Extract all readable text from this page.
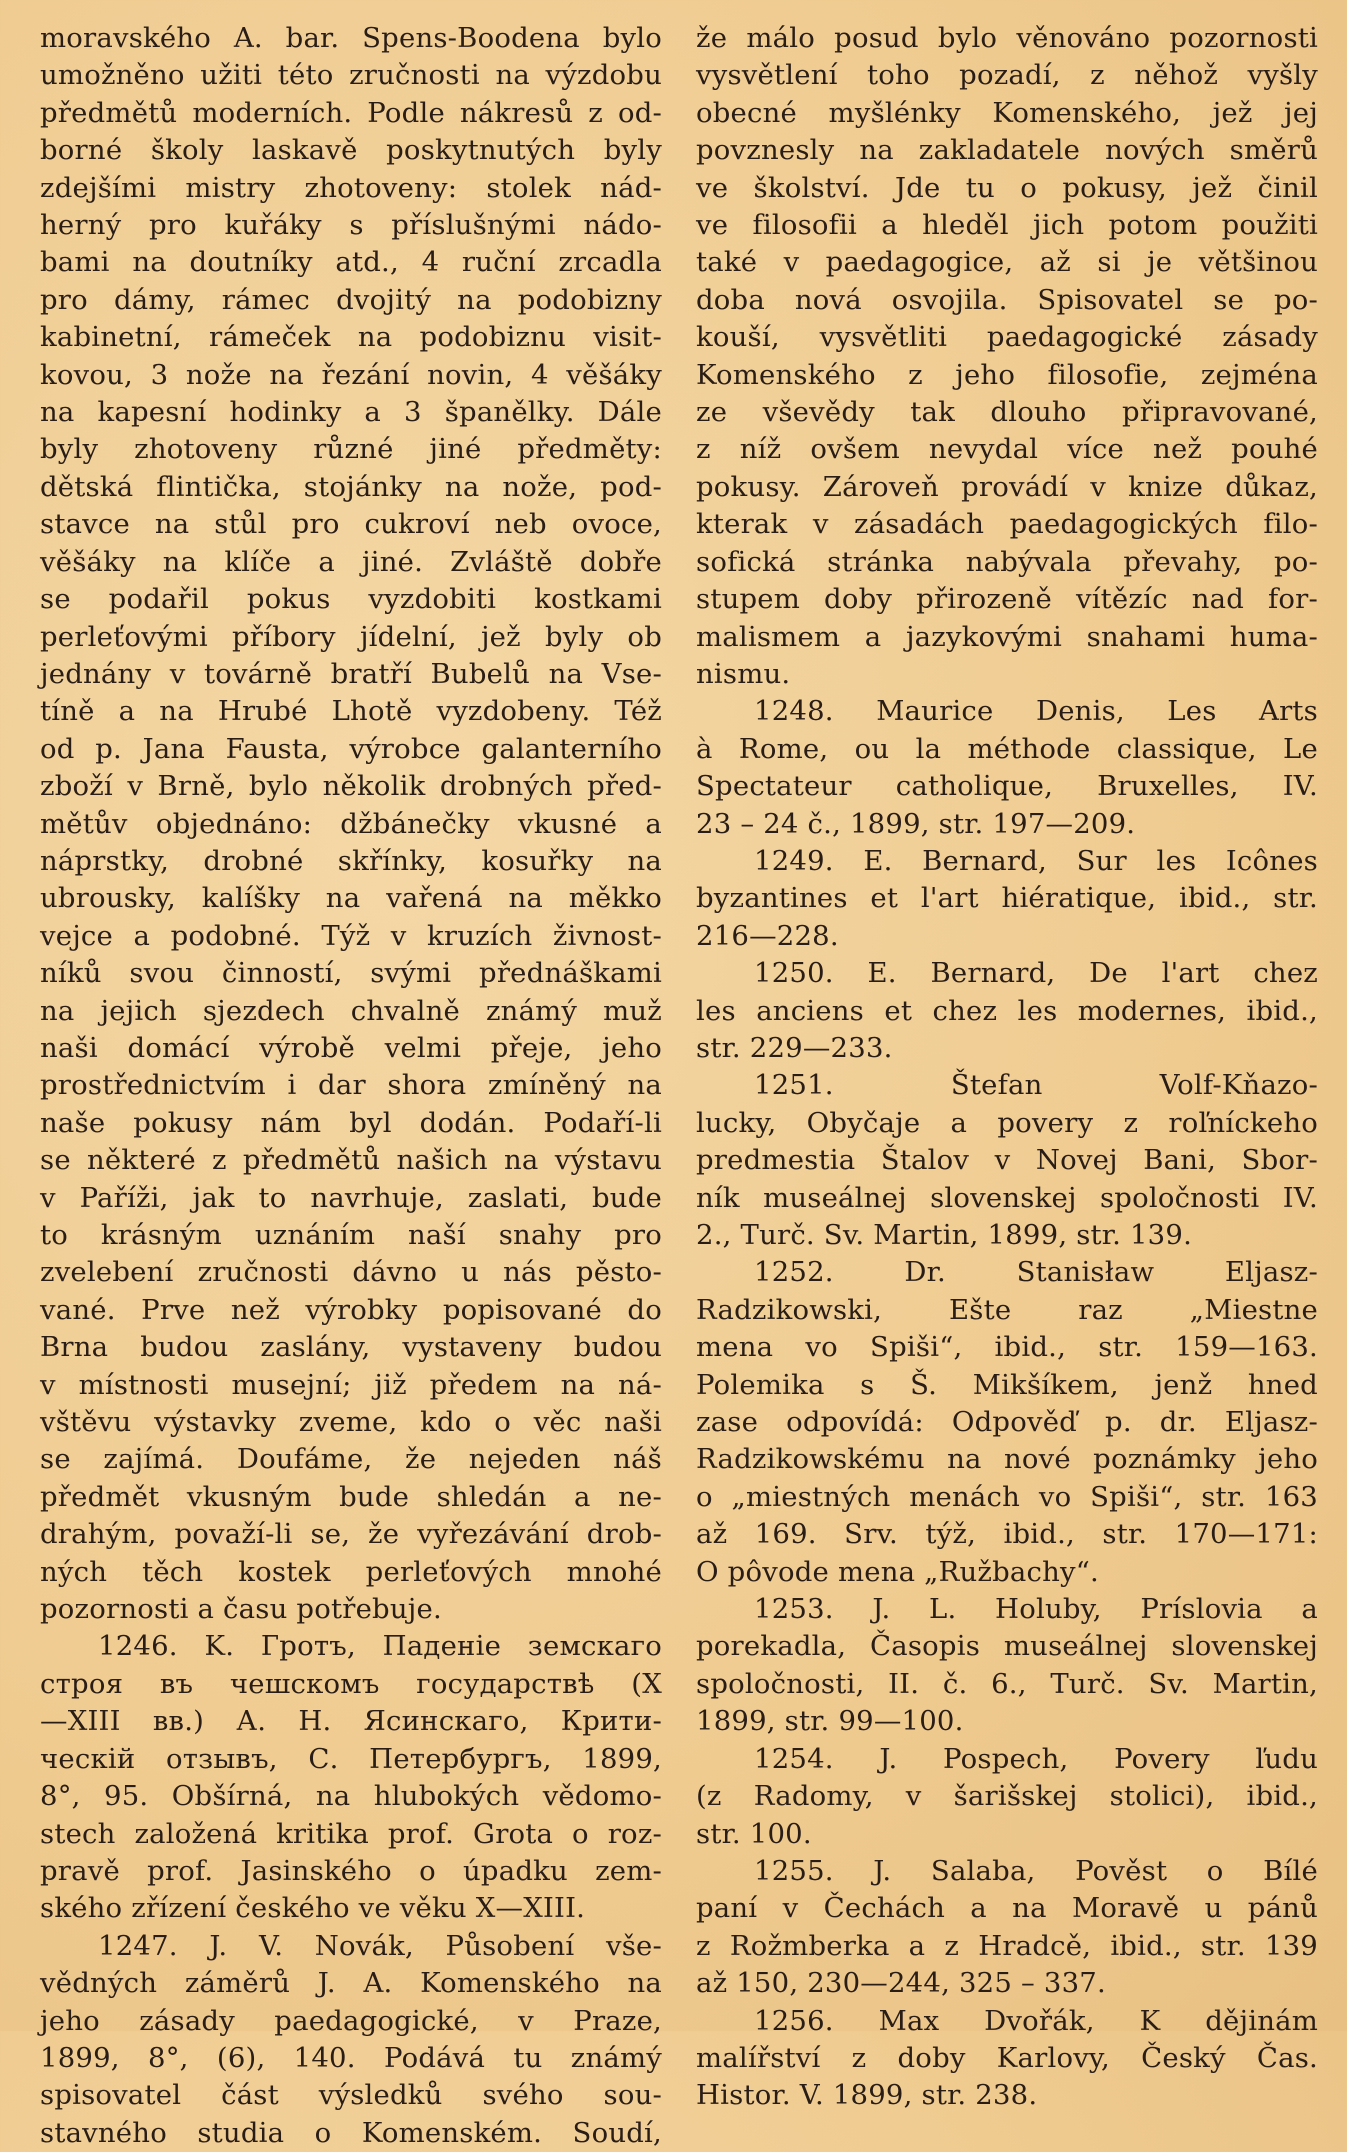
moravského A. bar. Spens-Boodena bylo
umožněno užiti této zručnosti na výzdobu
předmětů moderních. Podle nákresů z od-
borné školy laskavě poskytnutých byly
zdejšími mistry zhotoveny: stolek nád-
herný pro kuřáky s příslušnými nádo-
bami na doutníky atd., 4 ruční zrcadla
pro dámy, rámec dvojitý na podobizny
kabinetní, rámeček na podobiznu visit-
kovou, 3 nože na řezání novin, 4 věšáky
na kapesní hodinky a 3 španělky. Dále
byly zhotoveny různé jiné předměty:
dětská flintička, stojánky na nože, pod-
stavce na stůl pro cukroví neb ovoce,
věšáky na klíče a jiné. Zvláště dobře
se podařil pokus vyzdobiti kostkami
perleťovými příbory jídelní, jež byly ob
jednány v továrně bratří Bubelů na Vse-
tíně a na Hrubé Lhotě vyzdobeny. Též
od p. Jana Fausta, výrobce galanterního
zboží v Brně, bylo několik drobných před-
mětův objednáno: džbánečky vkusné a
náprstky, drobné skřínky, kosuřky na
ubrousky, kalíšky na vařená na měkko
vejce a podobné. Týž v kruzích živnost-
níků svou činností, svými přednáškami
na jejich sjezdech chvalně známý muž
naši domácí výrobě velmi přeje, jeho
prostřednictvím i dar shora zmíněný na
naše pokusy nám byl dodán. Podaří-li
se některé z předmětů našich na výstavu
v Paříži, jak to navrhuje, zaslati, bude
to krásným uznáním naší snahy pro
zvelebení zručnosti dávno u nás pěsto-
vané. Prve než výrobky popisované do
Brna budou zaslány, vystaveny budou
v místnosti musejní; již předem na ná-
vštěvu výstavky zveme, kdo o věc naši
se zajímá. Doufáme, že nejeden náš
předmět vkusným bude shledán a ne-
drahým, považí-li se, že vyřezávání drob-
ných těch kostek perleťových mnohé
pozornosti a času potřebuje.
1246. K. Гротъ, Паденіе земскаго
строя въ чешскомъ государствѣ (X
—XIII вв.) А. Н. Ясинскаго, Крити-
ческій отзывъ, С. Петербургъ, 1899,
8°, 95. Obšírná, na hlubokých vědomo-
stech založená kritika prof. Grota o roz-
pravě prof. Jasinského o úpadku zem-
ského zřízení českého ve věku X—XIII.
1247. J. V. Novák, Působení vše-
vědných záměrů J. A. Komenského na
jeho zásady paedagogické, v Praze,
1899, 8°, (6), 140. Podává tu známý
spisovatel část výsledků svého sou-
stavného studia o Komenském. Soudí,
že málo posud bylo věnováno pozornosti
vysvětlení toho pozadí, z něhož vyšly
obecné myšlénky Komenského, jež jej
povznesly na zakladatele nových směrů
ve školství. Jde tu o pokusy, jež činil
ve filosofii a hleděl jich potom použiti
také v paedagogice, až si je většinou
doba nová osvojila. Spisovatel se po-
kouší, vysvětliti paedagogické zásady
Komenského z jeho filosofie, zejména
ze vševědy tak dlouho připravované,
z níž ovšem nevydal více než pouhé
pokusy. Zároveň provádí v knize důkaz,
kterak v zásadách paedagogických filo-
sofická stránka nabývala převahy, po-
stupem doby přirozeně vítězíc nad for-
malismem a jazykovými snahami huma-
nismu.
1248. Maurice Denis, Les Arts
à Rome, ou la méthode classique, Le
Spectateur catholique, Bruxelles, IV.
23 – 24 č., 1899, str. 197—209.
1249. E. Bernard, Sur les Icônes
byzantines et l'art hiératique, ibid., str.
216—228.
1250. E. Bernard, De l'art chez
les anciens et chez les modernes, ibid.,
str. 229—233.
1251. Štefan Volf-Kňazo-
lucky, Obyčaje a povery z roľníckeho
predmestia Štalov v Novej Bani, Sbor-
ník museálnej slovenskej spoločnosti IV.
2., Turč. Sv. Martin, 1899, str. 139.
1252. Dr. Stanisław Eljasz-
Radzikowski, Ešte raz „Miestne
mena vo Spiši“, ibid., str. 159—163.
Polemika s Š. Mikšíkem, jenž hned
zase odpovídá: Odpověď p. dr. Eljasz-
Radzikowskému na nové poznámky jeho
o „miestných menách vo Spiši“, str. 163
až 169. Srv. týž, ibid., str. 170—171:
O pôvode mena „Ružbachy“.
1253. J. L. Holuby, Príslovia a
porekadla, Časopis museálnej slovenskej
spoločnosti, II. č. 6., Turč. Sv. Martin,
1899, str. 99—100.
1254. J. Pospech, Povery ľudu
(z Radomy, v šarišskej stolici), ibid.,
str. 100.
1255. J. Salaba, Pověst o Bílé
paní v Čechách a na Moravě u pánů
z Rožmberka a z Hradcě, ibid., str. 139
až 150, 230—244, 325 – 337.
1256. Max Dvořák, K dějinám
malířství z doby Karlovy, Český Čas.
Histor. V. 1899, str. 238.
